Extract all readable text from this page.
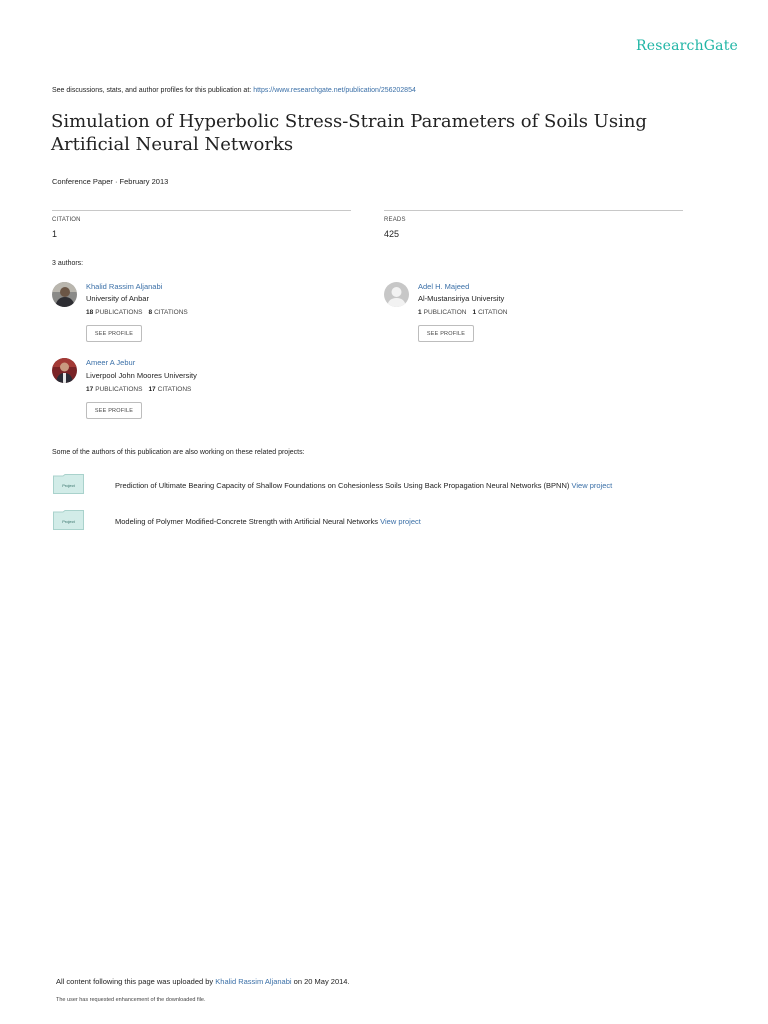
ResearchGate
See discussions, stats, and author profiles for this publication at: https://www.researchgate.net/publication/256202854
Simulation of Hyperbolic Stress-Strain Parameters of Soils Using Artificial Neural Networks
Conference Paper · February 2013
CITATION
1
READS
425
3 authors:
Khalid Rassim Aljanabi
University of Anbar
18 PUBLICATIONS 8 CITATIONS
SEE PROFILE
Adel H. Majeed
Al-Mustansiriya University
1 PUBLICATION 1 CITATION
SEE PROFILE
Ameer A Jebur
Liverpool John Moores University
17 PUBLICATIONS 17 CITATIONS
SEE PROFILE
Some of the authors of this publication are also working on these related projects:
Project	Prediction of Ultimate Bearing Capacity of Shallow Foundations on Cohesionless Soils Using Back Propagation Neural Networks (BPNN) View project
Project	Modeling of Polymer Modified-Concrete Strength with Artificial Neural Networks View project
All content following this page was uploaded by Khalid Rassim Aljanabi on 20 May 2014.
The user has requested enhancement of the downloaded file.
